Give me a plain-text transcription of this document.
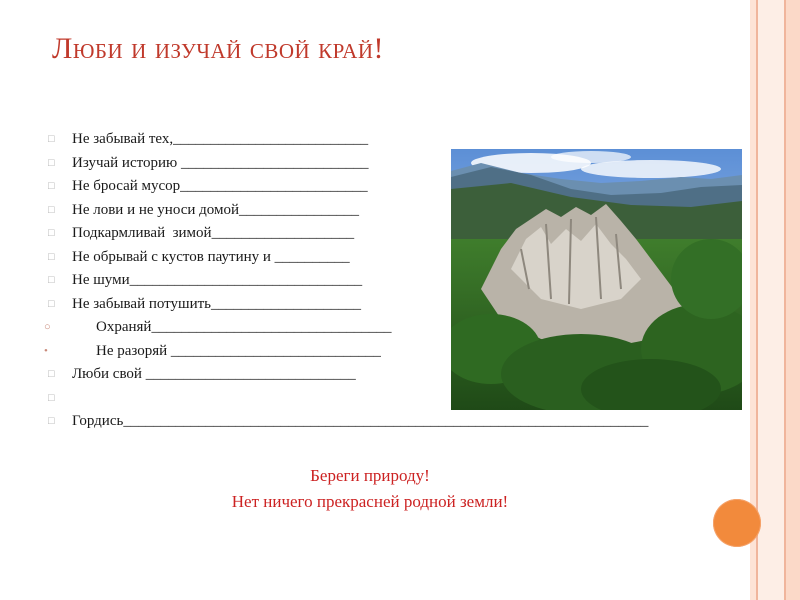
Люби и изучай свой край!
□	Не забывай тех,__________________________
□	Изучай историю _________________________
□	Не бросай мусор_________________________
□	Не лови и не уноси домой________________
□	Подкармливай  зимой___________________
□	Не обрывай с кустов паутину и __________
□	Не шуми_______________________________
□	Не забывай потушить____________________
○	Охраняй________________________________
•	Не разоряй ____________________________
□	Люби свой ____________________________
□
□	Гордись______________________________________________________________________
Береги природу!
Нет ничего прекрасней родной земли!
